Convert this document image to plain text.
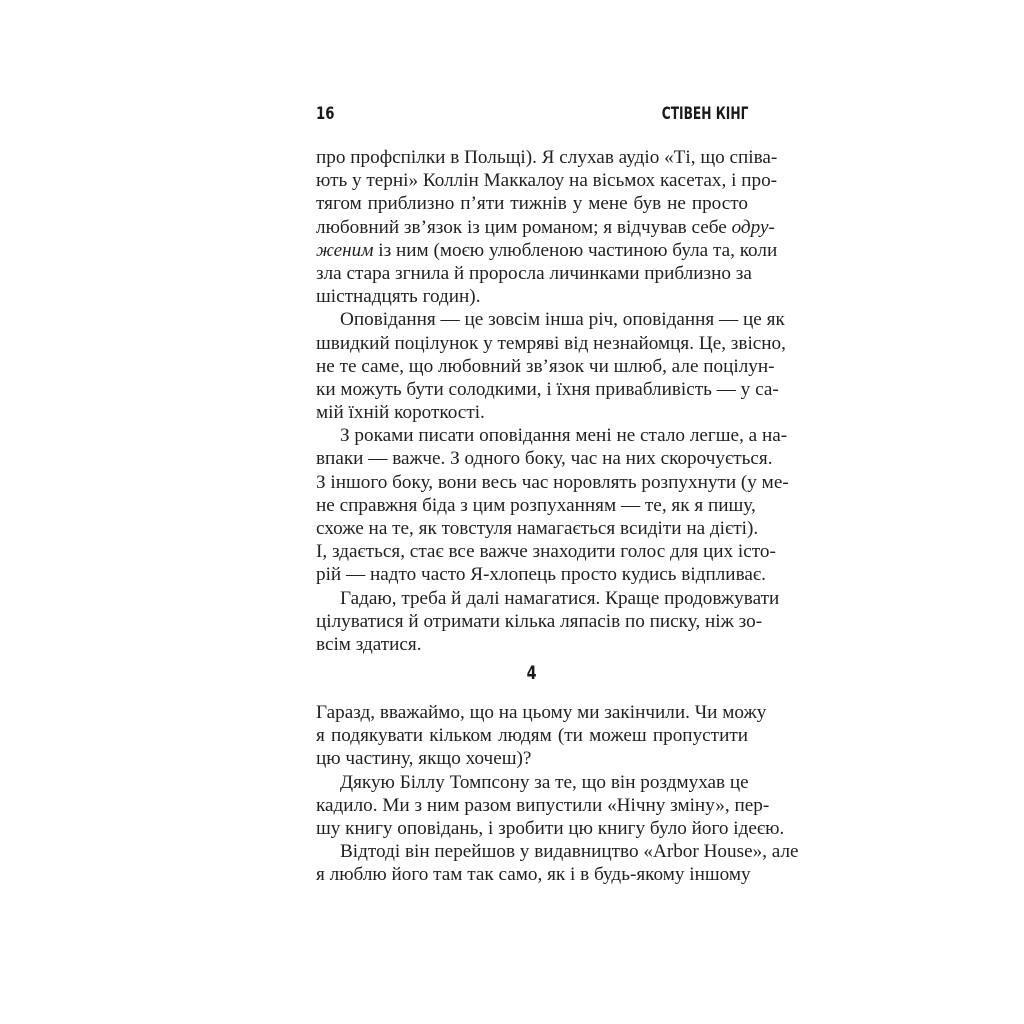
16	СТІВЕН КІНГ
про профспілки в Польщі). Я слухав аудіо «Ті, що співа-
ють у терні» Коллін Маккалоу на вісьмох касетах, і про-
тягом приблизно п’яти тижнів у мене був не просто
любовний зв’язок із цим романом; я відчував себе одру-
женим із ним (моєю улюбленою частиною була та, коли
зла стара згнила й проросла личинками приблизно за
шістнадцять годин).
Оповідання — це зовсім інша річ, оповідання — це як
швидкий поцілунок у темряві від незнайомця. Це, звісно,
не те саме, що любовний зв’язок чи шлюб, але поцілун-
ки можуть бути солодкими, і їхня привабливість — у са-
мій їхній короткості.
З роками писати оповідання мені не стало легше, а на-
впаки — важче. З одного боку, час на них скорочується.
З іншого боку, вони весь час норовлять розпухнути (у ме-
не справжня біда з цим розпуханням — те, як я пишу,
схоже на те, як товстуля намагається всидіти на дієті).
І, здається, стає все важче знаходити голос для цих істо-
рій — надто часто Я-хлопець просто кудись відпливає.
Гадаю, треба й далі намагатися. Краще продовжувати
цілуватися й отримати кілька ляпасів по писку, ніж зо-
всім здатися.
4
Гаразд, вважаймо, що на цьому ми закінчили. Чи можу
я подякувати кільком людям (ти можеш пропустити
цю частину, якщо хочеш)?
Дякую Біллу Томпсону за те, що він роздмухав це
кадило. Ми з ним разом випустили «Нічну зміну», пер-
шу книгу оповідань, і зробити цю книгу було його ідеєю.
Відтоді він перейшов у видавництво «Arbor House», але
я люблю його там так само, як і в будь-якому іншому
